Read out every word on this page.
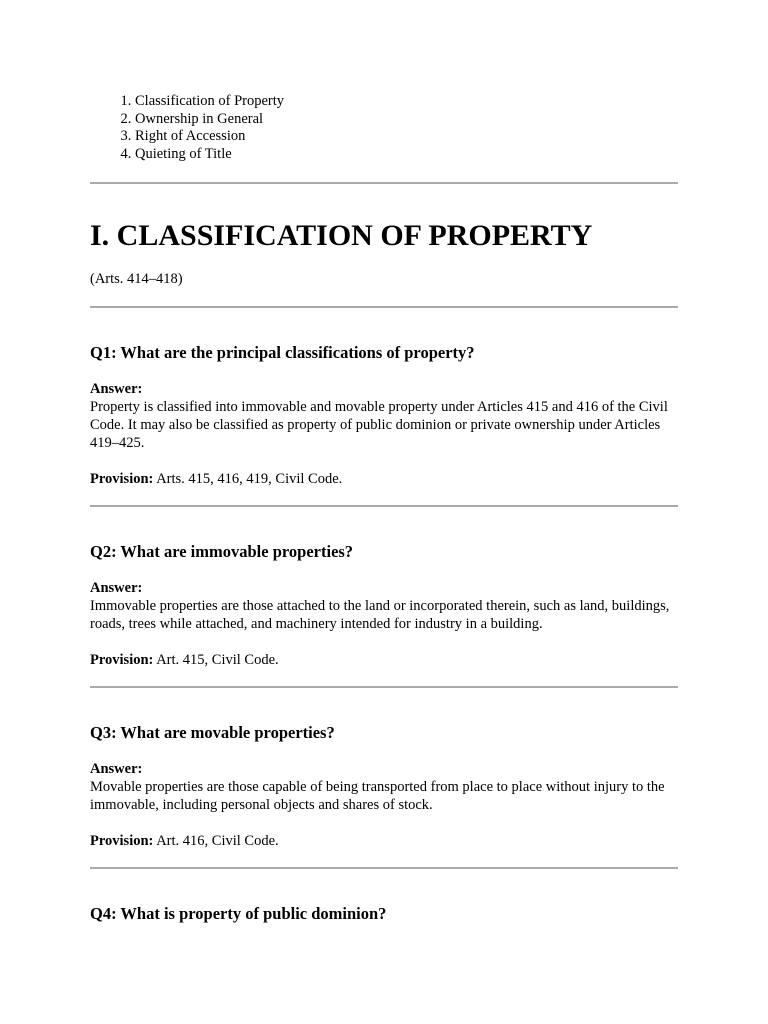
1. Classification of Property
2. Ownership in General
3. Right of Accession
4. Quieting of Title
I. CLASSIFICATION OF PROPERTY

(Arts. 414–418)

Q1: What are the principal classifications of property?
Answer:

Property is classified into immovable and movable property under Articles 415 and 416 of the Civil Code. It may also be classified as property of public dominion or private ownership under Articles 419–425.

Provision: Arts. 415, 416, 419, Civil Code.

Q2: What are immovable properties?
Answer:

Immovable properties are those attached to the land or incorporated therein, such as land, buildings, roads, trees while attached, and machinery intended for industry in a building.

Provision: Art. 415, Civil Code.

Q3: What are movable properties?
Answer:

Movable properties are those capable of being transported from place to place without injury to the immovable, including personal objects and shares of stock.

Provision: Art. 416, Civil Code.

Q4: What is property of public dominion?
